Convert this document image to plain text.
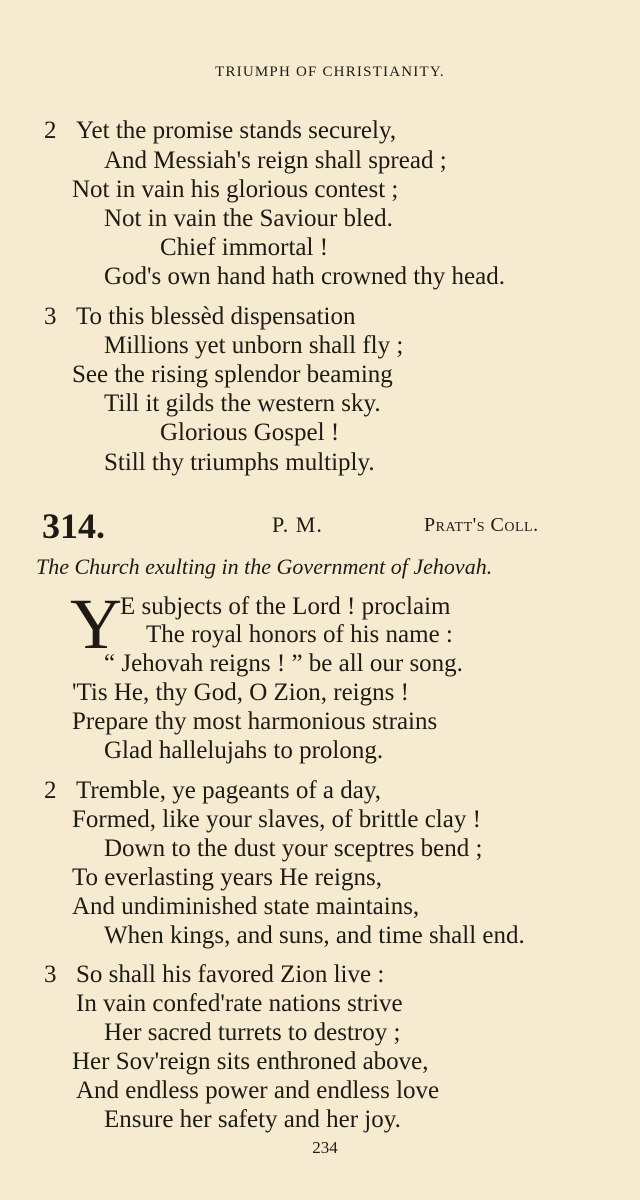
TRIUMPH OF CHRISTIANITY.
2 Yet the promise stands securely,
And Messiah's reign shall spread ;
Not in vain his glorious contest ;
Not in vain the Saviour bled.
Chief immortal !
God's own hand hath crowned thy head.
3 To this blessèd dispensation
Millions yet unborn shall fly ;
See the rising splendor beaming
Till it gilds the western sky.
Glorious Gospel !
Still thy triumphs multiply.
314.	P. M.	Pratt's Coll.
The Church exulting in the Government of Jehovah.
Y
E subjects of the Lord ! proclaim
The royal honors of his name :
“ Jehovah reigns ! ” be all our song.
'Tis He, thy God, O Zion, reigns !
Prepare thy most harmonious strains
Glad hallelujahs to prolong.
2 Tremble, ye pageants of a day,
Formed, like your slaves, of brittle clay !
Down to the dust your sceptres bend ;
To everlasting years He reigns,
And undiminished state maintains,
When kings, and suns, and time shall end.
3 So shall his favored Zion live :
In vain confed'rate nations strive
Her sacred turrets to destroy ;
Her Sov'reign sits enthroned above,
And endless power and endless love
Ensure her safety and her joy.
234
